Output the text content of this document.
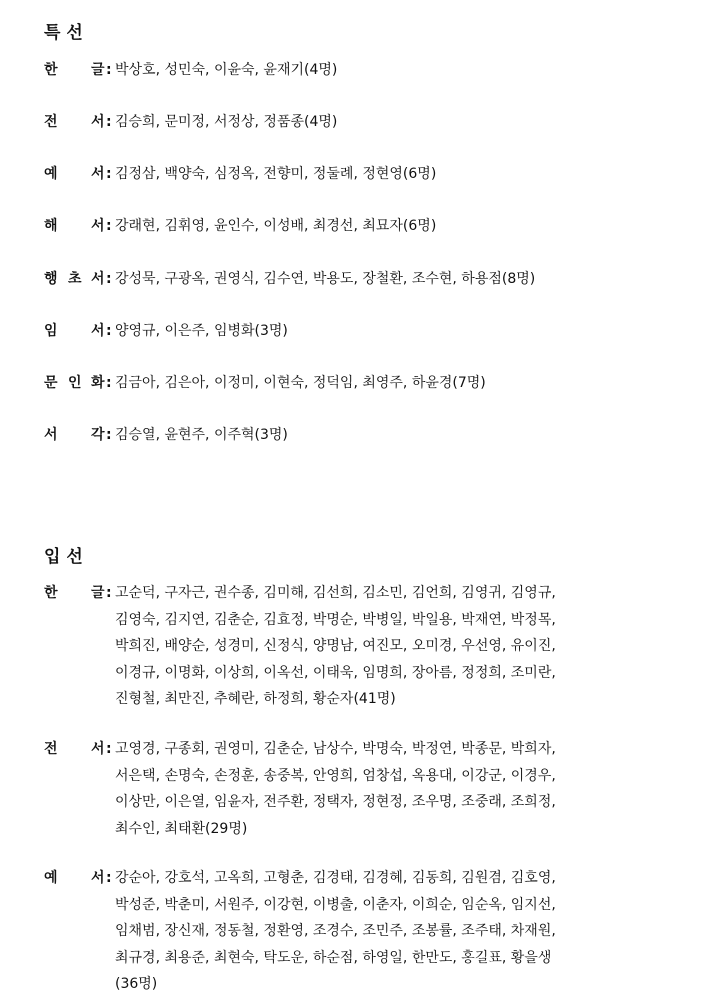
특 선
한 글 : 박상호, 성민숙, 이윤숙, 윤재기(4명)
전 서 : 김승희, 문미정, 서정상, 정품종(4명)
예 서 : 김정삼, 백양숙, 심정옥, 전향미, 정둘례, 정현영(6명)
해 서 : 강래현, 김휘영, 윤인수, 이성배, 최경선, 최묘자(6명)
행 초 서 : 강성묵, 구광옥, 권영식, 김수연, 박용도, 장철환, 조수현, 하용점(8명)
임 서 : 양영규, 이은주, 임병화(3명)
문 인 화 : 김금아, 김은아, 이정미, 이현숙, 정덕임, 최영주, 하윤경(7명)
서 각 : 김승열, 윤현주, 이주혁(3명)
입 선
한 글 : 고순덕, 구자근, 권수종, 김미해, 김선희, 김소민, 김언희, 김영귀, 김영규,
김영숙, 김지연, 김춘순, 김효정, 박명순, 박병일, 박일용, 박재연, 박정목,
박희진, 배양순, 성경미, 신정식, 양명남, 여진모, 오미경, 우선영, 유이진,
이경규, 이명화, 이상희, 이옥선, 이태욱, 임명희, 장아름, 정정희, 조미란,
진형철, 최만진, 추혜란, 하정희, 황순자(41명)
전 서 : 고영경, 구종회, 권영미, 김춘순, 남상수, 박명숙, 박정연, 박종문, 박희자,
서은택, 손명숙, 손정훈, 송중복, 안영희, 엄창섭, 옥용대, 이강군, 이경우,
이상만, 이은열, 임윤자, 전주환, 정택자, 정현정, 조우명, 조중래, 조희정,
최수인, 최태환(29명)
예 서 : 강순아, 강호석, 고옥희, 고형춘, 김경태, 김경혜, 김동희, 김원겸, 김호영,
박성준, 박춘미, 서원주, 이강현, 이병출, 이춘자, 이희순, 임순옥, 임지선,
임채범, 장신재, 정동철, 정환영, 조경수, 조민주, 조봉률, 조주태, 차재원,
최규경, 최용준, 최현숙, 탁도운, 하순점, 하영일, 한만도, 홍길표, 황을생
(36명)
